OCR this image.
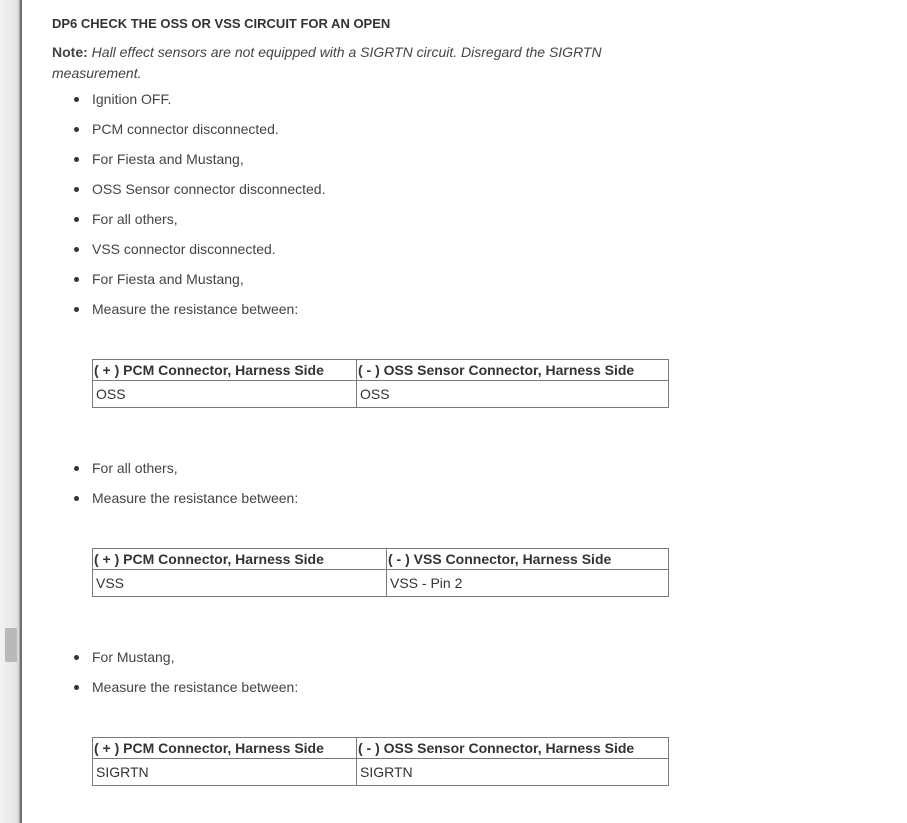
DP6 CHECK THE OSS OR VSS CIRCUIT FOR AN OPEN
Note: Hall effect sensors are not equipped with a SIGRTN circuit. Disregard the SIGRTN measurement.
Ignition OFF.
PCM connector disconnected.
For Fiesta and Mustang,
OSS Sensor connector disconnected.
For all others,
VSS connector disconnected.
For Fiesta and Mustang,
Measure the resistance between:
( + ) PCM Connector, Harness Side	( - ) OSS Sensor Connector, Harness Side
OSS	OSS
For all others,
Measure the resistance between:
( + ) PCM Connector, Harness Side	( - ) VSS Connector, Harness Side
VSS	VSS - Pin 2
For Mustang,
Measure the resistance between:
( + ) PCM Connector, Harness Side	( - ) OSS Sensor Connector, Harness Side
SIGRTN	SIGRTN
